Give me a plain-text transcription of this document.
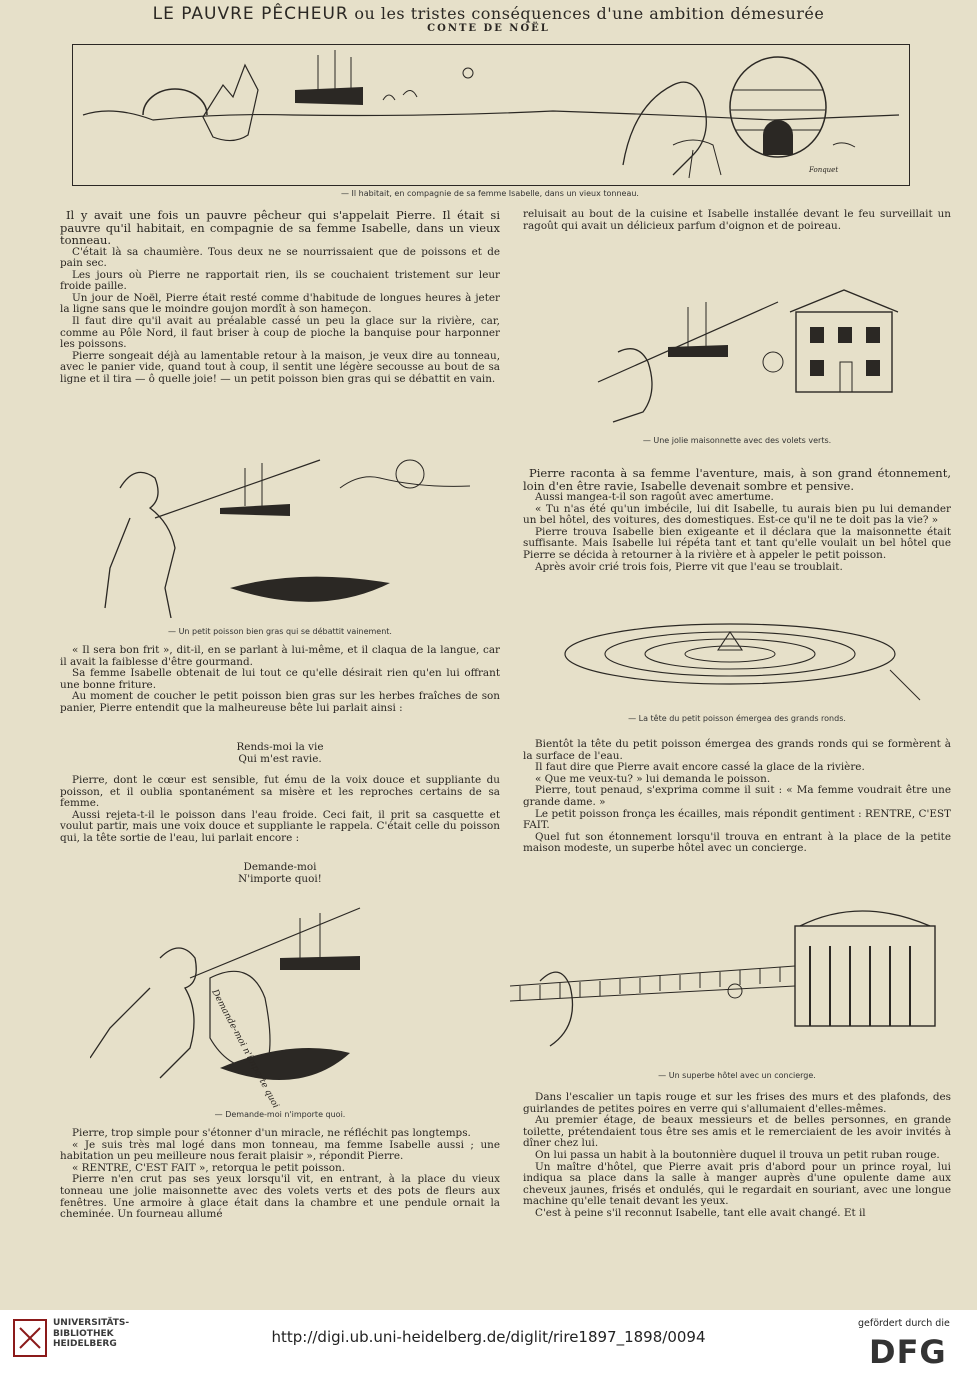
LE PAUVRE PÊCHEUR ou les tristes conséquences d'une ambition démesurée
CONTE DE NOËL
Fonquet
— Il habitait, en compagnie de sa femme Isabelle, dans un vieux tonneau.

Il y avait une fois un pauvre pêcheur qui s'appelait Pierre. Il était si pauvre qu'il habitait, en compagnie de sa femme Isabelle, dans un vieux tonneau.

C'était là sa chaumière. Tous deux ne se nourrissaient que de poissons et de pain sec.

Les jours où Pierre ne rapportait rien, ils se couchaient tristement sur leur froide paille.

Un jour de Noël, Pierre était resté comme d'habitude de longues heures à jeter la ligne sans que le moindre goujon mordît à son hameçon.

Il faut dire qu'il avait au préalable cassé un peu la glace sur la rivière, car, comme au Pôle Nord, il faut briser à coup de pioche la banquise pour harponner les poissons.

Pierre songeait déjà au lamentable retour à la maison, je veux dire au tonneau, avec le panier vide, quand tout à coup, il sentit une légère secousse au bout de sa ligne et il tira — ô quelle joie! — un petit poisson bien gras qui se débattit en vain.

— Un petit poisson bien gras qui se débattit vainement.

« Il sera bon frit », dit-il, en se parlant à lui-même, et il claqua de la langue, car il avait la faiblesse d'être gourmand.

Sa femme Isabelle obtenait de lui tout ce qu'elle désirait rien qu'en lui offrant une bonne friture.

Au moment de coucher le petit poisson bien gras sur les herbes fraîches de son panier, Pierre entendit que la malheureuse bête lui parlait ainsi :

Rends-moi la vie

Qui m'est ravie.

Pierre, dont le cœur est sensible, fut ému de la voix douce et suppliante du poisson, et il oublia spontanément sa misère et les reproches certains de sa femme.

Aussi rejeta-t-il le poisson dans l'eau froide. Ceci fait, il prit sa casquette et voulut partir, mais une voix douce et suppliante le rappela. C'était celle du poisson qui, la tête sortie de l'eau, lui parlait encore :

Demande-moi

N'importe quoi!

Demande-moi n'importe quoi
— Demande-moi n'importe quoi.

Pierre, trop simple pour s'étonner d'un miracle, ne réfléchit pas longtemps.

« Je suis très mal logé dans mon tonneau, ma femme Isabelle aussi ; une habitation un peu meilleure nous ferait plaisir », répondit Pierre.

« RENTRE, C'EST FAIT », retorqua le petit poisson.

Pierre n'en crut pas ses yeux lorsqu'il vit, en entrant, à la place du vieux tonneau une jolie maisonnette avec des volets verts et des pots de fleurs aux fenêtres. Une armoire à glace était dans la chambre et une pendule ornait la cheminée. Un fourneau allumé

reluisait au bout de la cuisine et Isabelle installée devant le feu surveillait un ragoût qui avait un délicieux parfum d'oignon et de poireau.

— Une jolie maisonnette avec des volets verts.

Pierre raconta à sa femme l'aventure, mais, à son grand étonnement, loin d'en être ravie, Isabelle devenait sombre et pensive.

Aussi mangea-t-il son ragoût avec amertume.

« Tu n'as été qu'un imbécile, lui dit Isabelle, tu aurais bien pu lui demander un bel hôtel, des voitures, des domestiques. Est-ce qu'il ne te doit pas la vie? »

Pierre trouva Isabelle bien exigeante et il déclara que la maisonnette était suffisante. Mais Isabelle lui répéta tant et tant qu'elle voulait un bel hôtel que Pierre se décida à retourner à la rivière et à appeler le petit poisson.

Après avoir crié trois fois, Pierre vit que l'eau se troublait.

— La tête du petit poisson émergea des grands ronds.

Bientôt la tête du petit poisson émergea des grands ronds qui se formèrent à la surface de l'eau.

Il faut dire que Pierre avait encore cassé la glace de la rivière.

« Que me veux-tu? » lui demanda le poisson.

Pierre, tout penaud, s'exprima comme il suit : « Ma femme voudrait être une grande dame. »

Le petit poisson fronça les écailles, mais répondit gentiment : RENTRE, C'EST FAIT.

Quel fut son étonnement lorsqu'il trouva en entrant à la place de la petite maison modeste, un superbe hôtel avec un concierge.

— Un superbe hôtel avec un concierge.

Dans l'escalier un tapis rouge et sur les frises des murs et des plafonds, des guirlandes de petites poires en verre qui s'allumaient d'elles-mêmes.

Au premier étage, de beaux messieurs et de belles personnes, en grande toilette, prétendaient tous être ses amis et le remerciaient de les avoir invités à dîner chez lui.

On lui passa un habit à la boutonnière duquel il trouva un petit ruban rouge.

Un maître d'hôtel, que Pierre avait pris d'abord pour un prince royal, lui indiqua sa place dans la salle à manger auprès d'une opulente dame aux cheveux jaunes, frisés et ondulés, qui le regardait en souriant, avec une longue machine qu'elle tenait devant les yeux.

C'est à peine s'il reconnut Isabelle, tant elle avait changé. Et il

UNIVERSITÄTS-
BIBLIOTHEK
HEIDELBERG	http://digi.ub.uni-heidelberg.de/diglit/rire1897_1898/0094
gefördert durch die
DFG
